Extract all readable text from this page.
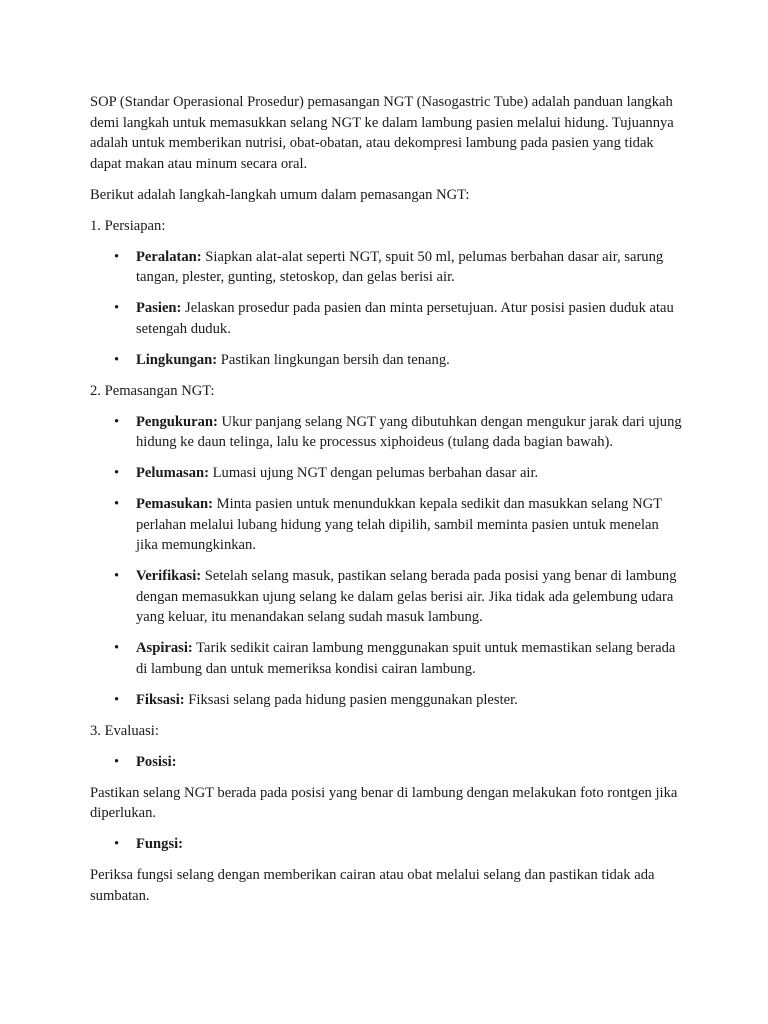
SOP (Standar Operasional Prosedur) pemasangan NGT (Nasogastric Tube) adalah panduan langkah demi langkah untuk memasukkan selang NGT ke dalam lambung pasien melalui hidung. Tujuannya adalah untuk memberikan nutrisi, obat-obatan, atau dekompresi lambung pada pasien yang tidak dapat makan atau minum secara oral.

Berikut adalah langkah-langkah umum dalam pemasangan NGT:

1. Persiapan:

• Peralatan: Siapkan alat-alat seperti NGT, spuit 50 ml, pelumas berbahan dasar air, sarung tangan, plester, gunting, stetoskop, dan gelas berisi air.
• Pasien: Jelaskan prosedur pada pasien dan minta persetujuan. Atur posisi pasien duduk atau setengah duduk.
• Lingkungan: Pastikan lingkungan bersih dan tenang.

2. Pemasangan NGT:

• Pengukuran: Ukur panjang selang NGT yang dibutuhkan dengan mengukur jarak dari ujung hidung ke daun telinga, lalu ke processus xiphoideus (tulang dada bagian bawah).
• Pelumasan: Lumasi ujung NGT dengan pelumas berbahan dasar air.
• Pemasukan: Minta pasien untuk menundukkan kepala sedikit dan masukkan selang NGT perlahan melalui lubang hidung yang telah dipilih, sambil meminta pasien untuk menelan jika memungkinkan.
• Verifikasi: Setelah selang masuk, pastikan selang berada pada posisi yang benar di lambung dengan memasukkan ujung selang ke dalam gelas berisi air. Jika tidak ada gelembung udara yang keluar, itu menandakan selang sudah masuk lambung.
• Aspirasi: Tarik sedikit cairan lambung menggunakan spuit untuk memastikan selang berada di lambung dan untuk memeriksa kondisi cairan lambung.
• Fiksasi: Fiksasi selang pada hidung pasien menggunakan plester.

3. Evaluasi:

• Posisi:

Pastikan selang NGT berada pada posisi yang benar di lambung dengan melakukan foto rontgen jika diperlukan.

• Fungsi:

Periksa fungsi selang dengan memberikan cairan atau obat melalui selang dan pastikan tidak ada sumbatan.
